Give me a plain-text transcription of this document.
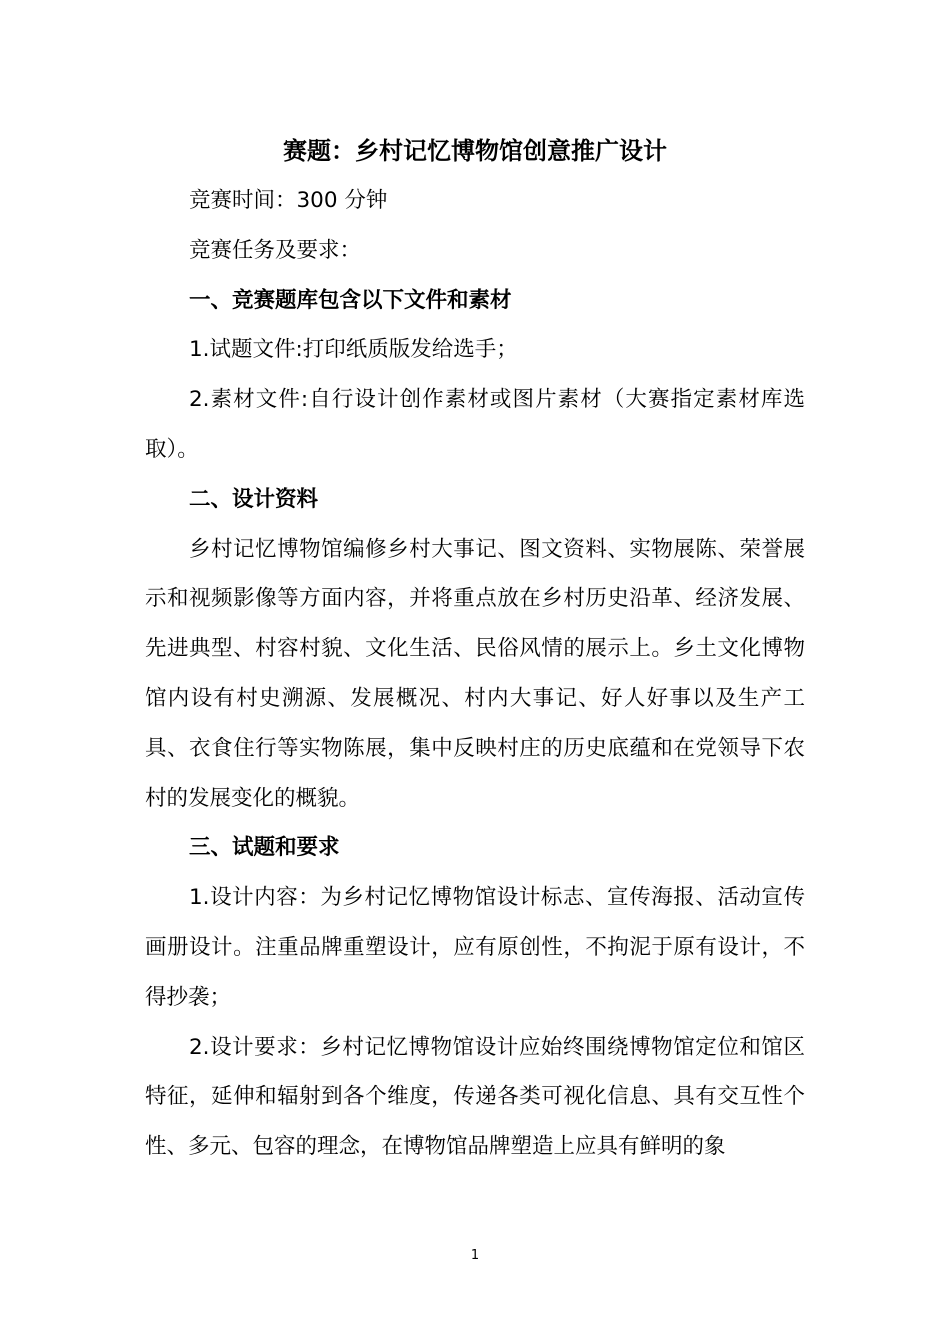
赛题：乡村记忆博物馆创意推广设计

竞赛时间：300 分钟

竞赛任务及要求：

一、竞赛题库包含以下文件和素材

1.试题文件:打印纸质版发给选手；

2.素材文件:自行设计创作素材或图片素材（大赛指定素材库选取）。

二、设计资料

乡村记忆博物馆编修乡村大事记、图文资料、实物展陈、荣誉展示和视频影像等方面内容，并将重点放在乡村历史沿革、经济发展、先进典型、村容村貌、文化生活、民俗风情的展示上。乡土文化博物馆内设有村史溯源、发展概况、村内大事记、好人好事以及生产工具、衣食住行等实物陈展，集中反映村庄的历史底蕴和在党领导下农村的发展变化的概貌。

三、试题和要求

1.设计内容：为乡村记忆博物馆设计标志、宣传海报、活动宣传画册设计。注重品牌重塑设计，应有原创性，不拘泥于原有设计，不得抄袭；

2.设计要求：乡村记忆博物馆设计应始终围绕博物馆定位和馆区特征，延伸和辐射到各个维度，传递各类可视化信息、具有交互性个性、多元、包容的理念，在博物馆品牌塑造上应具有鲜明的象

1
